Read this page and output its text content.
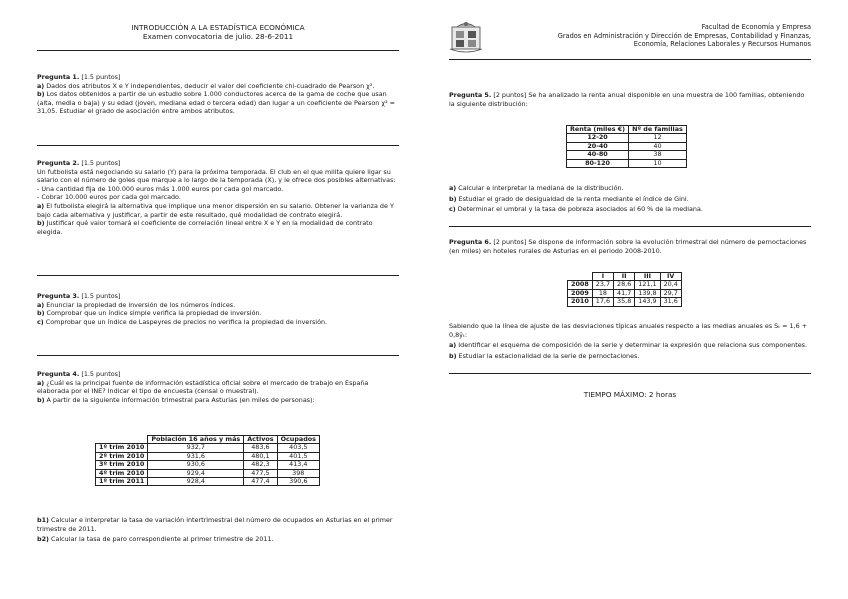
INTRODUCCIÓN A LA ESTADÍSTICA ECONÓMICA
Examen convocatoria de julio. 28-6-2011

Pregunta 1. [1.5 puntos]

a) Dados dos atributos X e Y independientes, deducir el valor del coeficiente chi-cuadrado de Pearson χ².

b) Los datos obtenidos a partir de un estudio sobre 1.000 conductores acerca de la gama de coche que usan (alta, media o baja) y su edad (joven, mediana edad o tercera edad) dan lugar a un coeficiente de Pearson χ² = 31,05. Estudiar el grado de asociación entre ambos atributos.

Pregunta 2. [1.5 puntos]

Un futbolista está negociando su salario (Y) para la próxima temporada. El club en el que milita quiere ligar su salario con el número de goles que marque a lo largo de la temporada (X), y le ofrece dos posibles alternativas:

- Una cantidad fija de 100.000 euros más 1.000 euros por cada gol marcado.

- Cobrar 10.000 euros por cada gol marcado.

a) El futbolista elegirá la alternativa que implique una menor dispersión en su salario. Obtener la varianza de Y bajo cada alternativa y justificar, a partir de este resultado, qué modalidad de contrato elegirá.

b) Justificar qué valor tomará el coeficiente de correlación lineal entre X e Y en la modalidad de contrato elegida.

Pregunta 3. [1.5 puntos]

a) Enunciar la propiedad de inversión de los números índices.

b) Comprobar que un índice simple verifica la propiedad de inversión.

c) Comprobar que un índice de Laspeyres de precios no verifica la propiedad de inversión.

Pregunta 4. [1.5 puntos]

a) ¿Cuál es la principal fuente de información estadística oficial sobre el mercado de trabajo en España elaborada por el INE? Indicar el tipo de encuesta (censal o muestral).

b) A partir de la siguiente información trimestral para Asturias (en miles de personas):

	Población 16 años y más	Activos	Ocupados
1º trim 2010	932,7	483,6	403,5
2º trim 2010	931,6	480,1	401,5
3º trim 2010	930,6	482,3	413,4
4º trim 2010	929,4	477,5	398
1º trim 2011	928,4	477,4	390,6

b1) Calcular e interpretar la tasa de variación intertrimestral del número de ocupados en Asturias en el primer trimestre de 2011.

b2) Calcular la tasa de paro correspondiente al primer trimestre de 2011.

Facultad de Economía y Empresa
Grados en Administración y Dirección de Empresas, Contabilidad y Finanzas,
Economía, Relaciones Laborales y Recursos Humanos

Pregunta 5. [2 puntos] Se ha analizado la renta anual disponible en una muestra de 100 familias, obteniendo la siguiente distribución:

Renta (miles €)	Nº de familias
12-20	12
20-40	40
40-80	38
80-120	10

a) Calcular e interpretar la mediana de la distribución.

b) Estudiar el grado de desigualdad de la renta mediante el índice de Gini.

c) Determinar el umbral y la tasa de pobreza asociados al 60 % de la mediana.

Pregunta 6. [2 puntos] Se dispone de información sobre la evolución trimestral del número de pernoctaciones (en miles) en hoteles rurales de Asturias en el periodo 2008-2010.

	I	II	III	IV
2008	23,7	28,6	121,1	20,4
2009	18	41,7	139,8	29,7
2010	17,6	35,8	143,9	31,6

Sabiendo que la línea de ajuste de las desviaciones típicas anuales respecto a las medias anuales es Sₜ = 1,6 + 0,8ȳₜ:

a) Identificar el esquema de composición de la serie y determinar la expresión que relaciona sus componentes.

b) Estudiar la estacionalidad de la serie de pernoctaciones.

TIEMPO MÁXIMO: 2 horas
